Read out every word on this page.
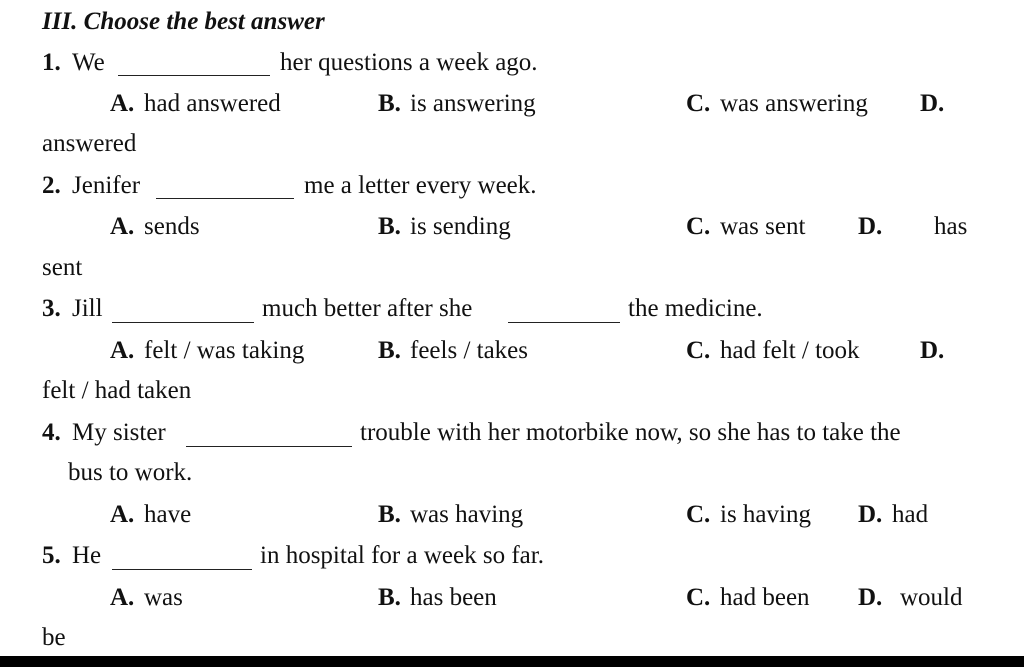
III. Choose the best answer
1. We	her questions a week ago.
A. had answered	B. is answering	C. was answering D.
answered
2. Jenifer	me a letter every week.
A. sends	B. is sending	C. was sent D. has
sent
3. Jill	much better after she	the medicine.
A. felt / was taking	B. feels / takes	C. had felt / took D.
felt / had taken
4. My sister	trouble with her motorbike now, so she has to take the
bus to work.
A. have	B. was having	C. is having D. had
5. He	in hospital for a week so far.
A. was	B. has been	C. had been D. would
be
